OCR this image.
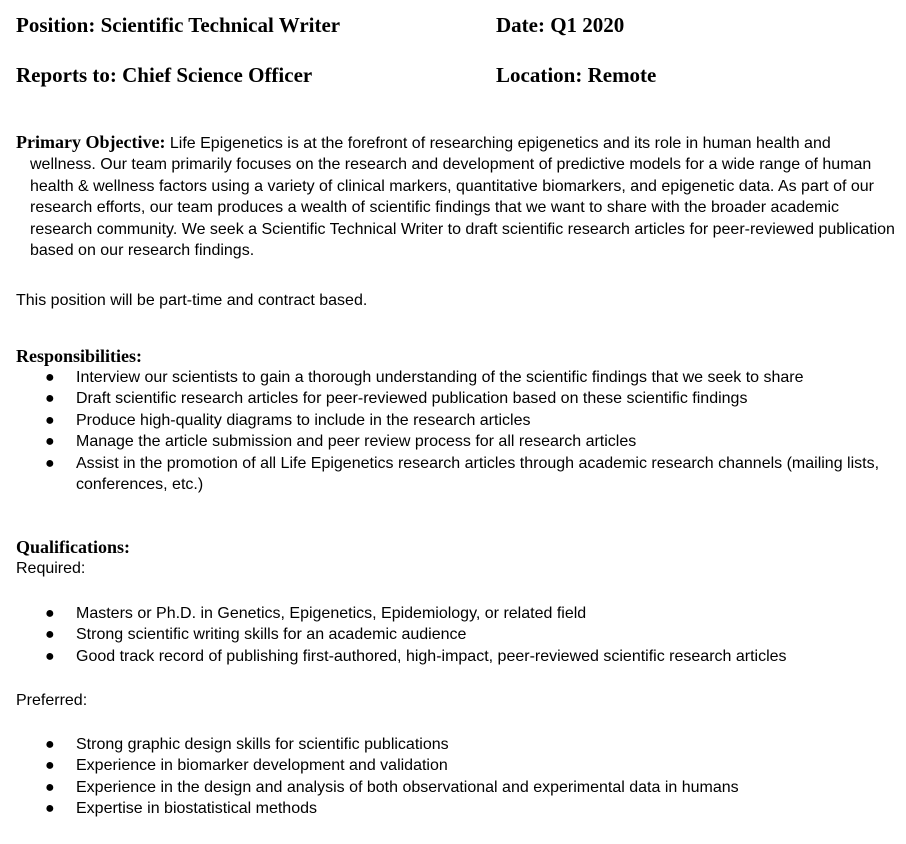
Position: Scientific Technical Writer	Date: Q1 2020
Reports to: Chief Science Officer	Location: Remote
Primary Objective: Life Epigenetics is at the forefront of researching epigenetics and its role in human health and wellness. Our team primarily focuses on the research and development of predictive models for a wide range of human health & wellness factors using a variety of clinical markers, quantitative biomarkers, and epigenetic data. As part of our research efforts, our team produces a wealth of scientific findings that we want to share with the broader academic research community. We seek a Scientific Technical Writer to draft scientific research articles for peer-reviewed publication based on our research findings.
This position will be part-time and contract based.
Responsibilities:
● Interview our scientists to gain a thorough understanding of the scientific findings that we seek to share
● Draft scientific research articles for peer-reviewed publication based on these scientific findings
● Produce high-quality diagrams to include in the research articles
● Manage the article submission and peer review process for all research articles
● Assist in the promotion of all Life Epigenetics research articles through academic research channels (mailing lists, conferences, etc.)
Qualifications:
Required:
● Masters or Ph.D. in Genetics, Epigenetics, Epidemiology, or related field
● Strong scientific writing skills for an academic audience
● Good track record of publishing first-authored, high-impact, peer-reviewed scientific research articles
Preferred:
● Strong graphic design skills for scientific publications
● Experience in biomarker development and validation
● Experience in the design and analysis of both observational and experimental data in humans
● Expertise in biostatistical methods
